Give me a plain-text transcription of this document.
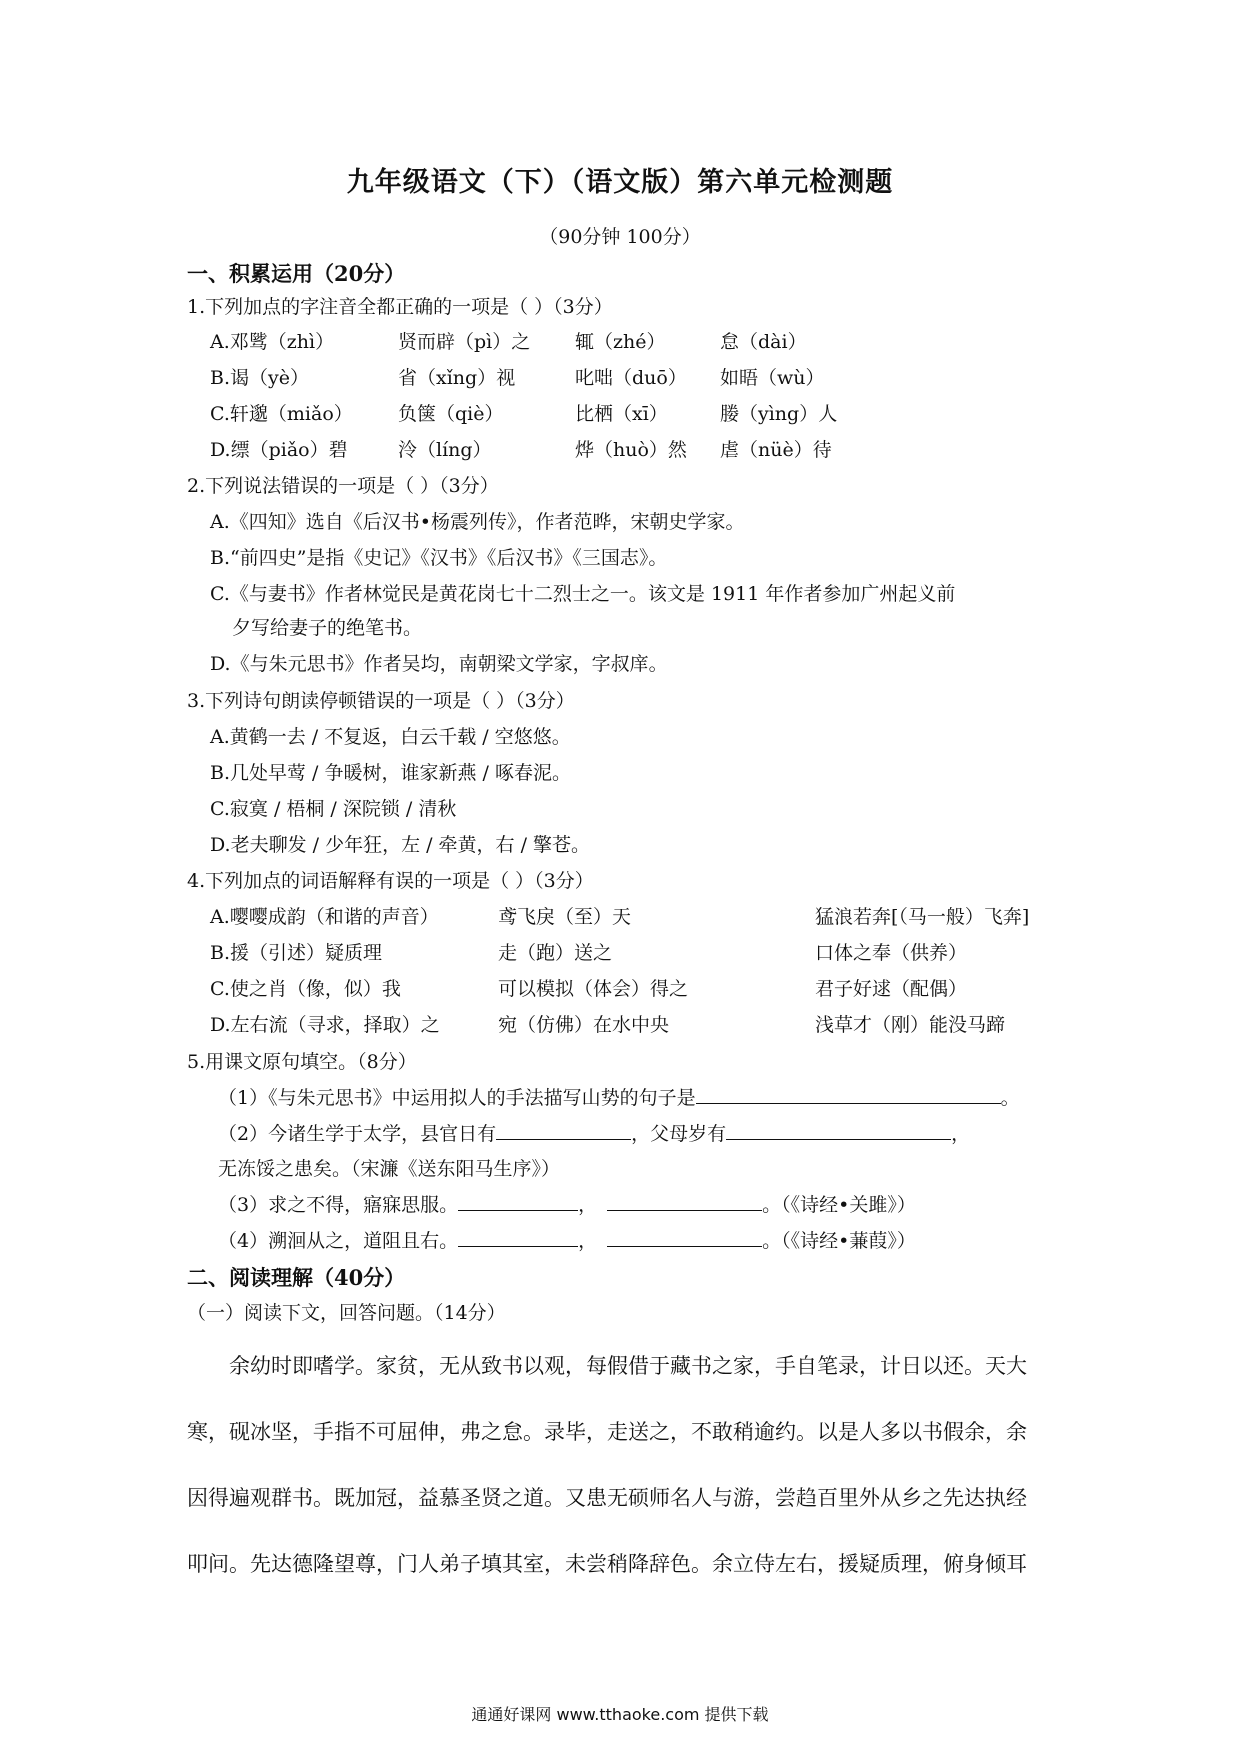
九年级语文（下）（语文版）第六单元检测题
（90分钟 100分）
一、积累运用（20分）
1.下列加点的字注音全都正确的一项是（ ）（3分）
A.邓骘（zhì）	贤而辟（pì）之 辄（zhé）	怠（dài）
B.谒（yè）	省（xǐng）视	叱咄（duō） 如晤（wù）
C.轩邈（miǎo） 负箧（qiè）	比栖（xī）	媵（yìng）人
D.缥（piǎo）碧	泠（líng）	烨（huò）然 虐（nüè）待
2.下列说法错误的一项是（ ）（3分）
A.《四知》选自《后汉书•杨震列传》，作者范晔，宋朝史学家。
B.“前四史”是指《史记》《汉书》《后汉书》《三国志》。
C.《与妻书》作者林觉民是黄花岗七十二烈士之一。该文是 1911 年作者参加广州起义前
夕写给妻子的绝笔书。
D.《与朱元思书》作者吴均，南朝梁文学家，字叔庠。
3.下列诗句朗读停顿错误的一项是（ ）（3分）
A.黄鹤一去 / 不复返，白云千载 / 空悠悠。
B.几处早莺 / 争暖树，谁家新燕 / 啄春泥。
C.寂寞 / 梧桐 / 深院锁 / 清秋
D.老夫聊发 / 少年狂，左 / 牵黄，右 / 擎苍。
4.下列加点的词语解释有误的一项是（ ）（3分）
A.嘤嘤成韵（和谐的声音）	鸢飞戾（至）天	猛浪若奔[（马一般）飞奔]
B.援（引述）疑质理	走（跑）送之	口体之奉（供养）
C.使之肖（像，似）我	可以模拟（体会）得之	君子好逑（配偶）
D.左右流（寻求，择取）之	宛（仿佛）在水中央	浅草才（刚）能没马蹄
5.用课文原句填空。（8分）
（1）《与朱元思书》中运用拟人的手法描写山势的句子是	。
（2）今诸生学于太学，县官日有	，父母岁有	，
无冻馁之患矣。（宋濂《送东阳马生序》）
（3）求之不得，寤寐思服。	，	。（《诗经•关雎》）
（4）溯洄从之，道阻且右。	，	。（《诗经•蒹葭》）
二、阅读理解（40分）
（一）阅读下文，回答问题。（14分）
余幼时即嗜学。家贫，无从致书以观，每假借于藏书之家，手自笔录，计日以还。天大
寒，砚冰坚，手指不可屈伸，弗之怠。录毕，走送之，不敢稍逾约。以是人多以书假余，余
因得遍观群书。既加冠，益慕圣贤之道。又患无硕师名人与游，尝趋百里外从乡之先达执经
叩问。先达德隆望尊，门人弟子填其室，未尝稍降辞色。余立侍左右，援疑质理，俯身倾耳
通通好课网 www.tthaoke.com 提供下载
